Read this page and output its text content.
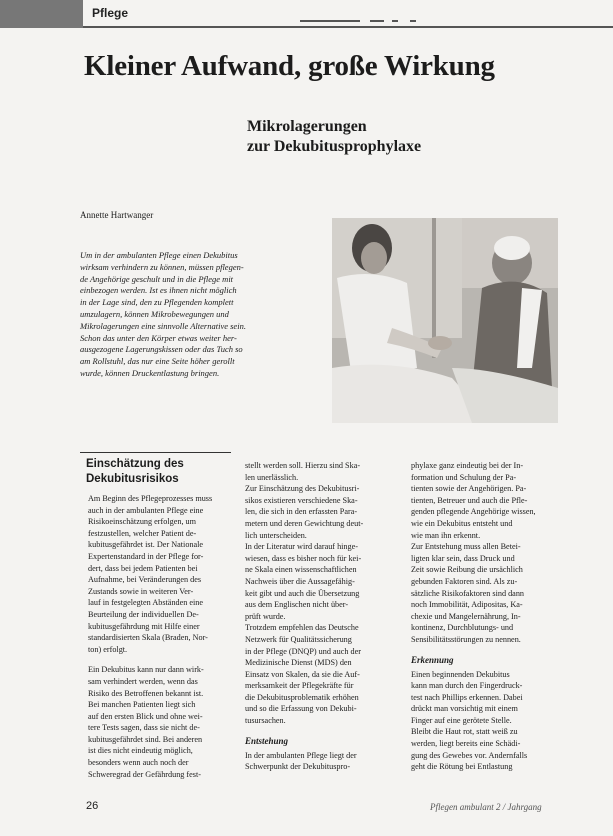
Pflege
Kleiner Aufwand, große Wirkung
Mikrolagerungen
zur Dekubitusprophylaxe
Annette Hartwanger
Um in der ambulanten Pflege einen Dekubitus
wirksam verhindern zu können, müssen pflegen-
de Angehörige geschult und in die Pflege mit
einbezogen werden. Ist es ihnen nicht möglich
in der Lage sind, den zu Pflegenden komplett
umzulagern, können Mikrobewegungen und
Mikrolagerungen eine sinnvolle Alternative sein.
Schon das unter den Körper etwas weiter her-
ausgezogene Lagerungskissen oder das Tuch so
am Rollstuhl, das nur eine Seite höher gerollt
wurde, können Druckentlastung bringen.
Einschätzung des
Dekubitusrisikos
Am Beginn des Pflegeprozesses muss
auch in der ambulanten Pflege eine
Risikoeinschätzung erfolgen, um
festzustellen, welcher Patient de-
kubitusgefährdet ist. Der Nationale
Expertenstandard in der Pflege for-
dert, dass bei jedem Patienten bei
Aufnahme, bei Veränderungen des
Zustands sowie in weiteren Ver-
lauf in festgelegten Abständen eine
Beurteilung der individuellen De-
kubitusgefährdung mit Hilfe einer
standardisierten Skala (Braden, Nor-
ton) erfolgt.
Ein Dekubitus kann nur dann wirk-
sam verhindert werden, wenn das
Risiko des Betroffenen bekannt ist.
Bei manchen Patienten liegt sich
auf den ersten Blick und ohne wei-
tere Tests sagen, dass sie nicht de-
kubitusgefährdet sind. Bei anderen
ist dies nicht eindeutig möglich,
besonders wenn auch noch der
Schweregrad der Gefährdung fest-
stellt werden soll. Hierzu sind Ska-
len unerlässlich.
Zur Einschätzung des Dekubitusri-
sikos existieren verschiedene Ska-
len, die sich in den erfassten Para-
metern und deren Gewichtung deut-
lich unterscheiden.
In der Literatur wird darauf hinge-
wiesen, dass es bisher noch für kei-
ne Skala einen wissenschaftlichen
Nachweis über die Aussagefähig-
keit gibt und auch die Übersetzung
aus dem Englischen nicht über-
prüft wurde.
Trotzdem empfehlen das Deutsche
Netzwerk für Qualitätssicherung
in der Pflege (DNQP) und auch der
Medizinische Dienst (MDS) den
Einsatz von Skalen, da sie die Auf-
merksamkeit der Pflegekräfte für
die Dekubitusproblematik erhöhen
und so die Erfassung von Dekubi-
tusursachen.
Entstehung
In der ambulanten Pflege liegt der
Schwerpunkt der Dekubituspro-
phylaxe ganz eindeutig bei der In-
formation und Schulung der Pa-
tienten sowie der Angehörigen. Pa-
tienten, Betreuer und auch die Pfle-
genden pflegende Angehörige wissen,
wie ein Dekubitus entsteht und
wie man ihn erkennt.
Zur Entstehung muss allen Betei-
ligten klar sein, dass Druck und
Zeit sowie Reibung die ursächlich
gebunden Faktoren sind. Als zu-
sätzliche Risikofaktoren sind dann
noch Immobilität, Adipositas, Ka-
chexie und Mangelernährung, In-
kontinenz, Durchblutungs- und
Sensibilitätsstörungen zu nennen.
Erkennung
Einen beginnenden Dekubitus
kann man durch den Fingerdruck-
test nach Phillips erkennen. Dabei
drückt man vorsichtig mit einem
Finger auf eine gerötete Stelle.
Bleibt die Haut rot, statt weiß zu
werden, liegt bereits eine Schädi-
gung des Gewebes vor. Andernfalls
geht die Rötung bei Entlastung
26	Pflegen ambulant 2 / Jahrgang
